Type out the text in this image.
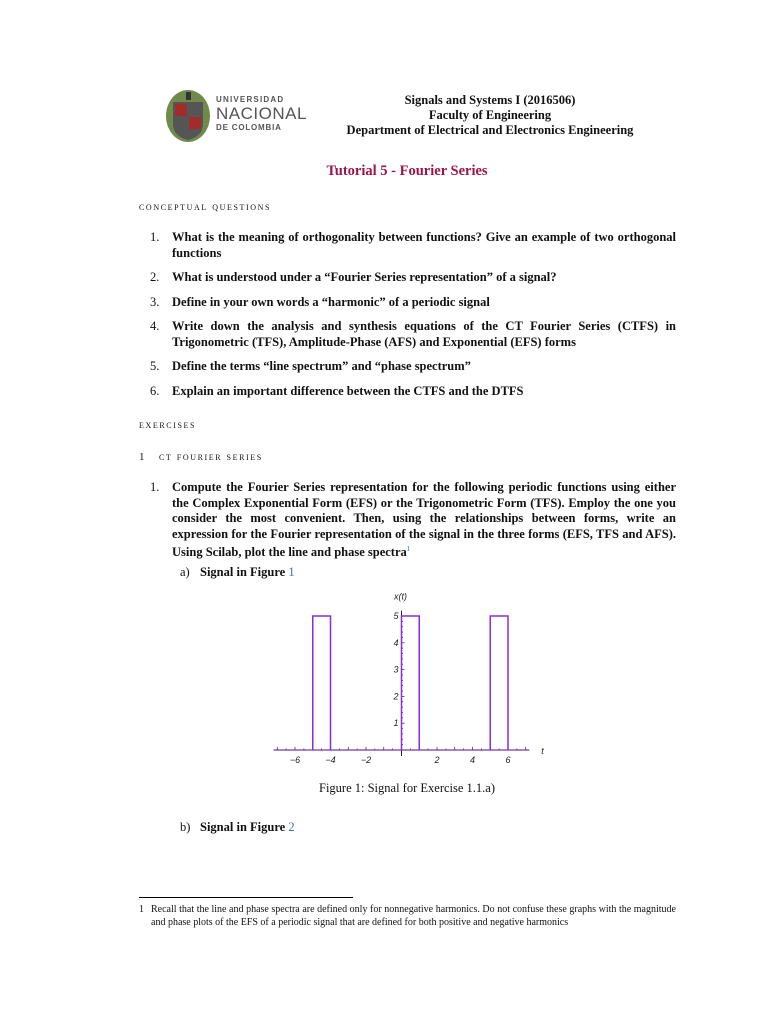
UNIVERSIDAD
NACIONAL
DE COLOMBIA
Signals and Systems I (2016506)
Faculty of Engineering
Department of Electrical and Electronics Engineering
Tutorial 5 - Fourier Series
conceptual questions
1. What is the meaning of orthogonality between functions? Give an example of two orthogonal functions
2. What is understood under a “Fourier Series representation” of a signal?
3. Define in your own words a “harmonic” of a periodic signal
4. Write down the analysis and synthesis equations of the CT Fourier Series (CTFS) in Trigonometric (TFS), Amplitude-Phase (AFS) and Exponential (EFS) forms
5. Define the terms “line spectrum” and “phase spectrum”
6. Explain an important difference between the CTFS and the DTFS
exercises
1 ct fourier series
1. Compute the Fourier Series representation for the following periodic functions using either the Complex Exponential Form (EFS) or the Trigonometric Form (TFS). Employ the one you consider the most convenient. Then, using the relationships between forms, write an expression for the Fourier representation of the signal in the three forms (EFS, TFS and AFS). Using Scilab, plot the line and phase spectra$^1$
a) Signal in Figure 1
−6	−4	−2	2	4	6
1
2
3
4
5
x(t)
t
Figure 1: Signal for Exercise 1.1.a)
b) Signal in Figure 2
1 Recall that the line and phase spectra are defined only for nonnegative harmonics. Do not confuse these graphs with the magnitude and phase plots of the EFS of a periodic signal that are defined for both positive and negative harmonics
